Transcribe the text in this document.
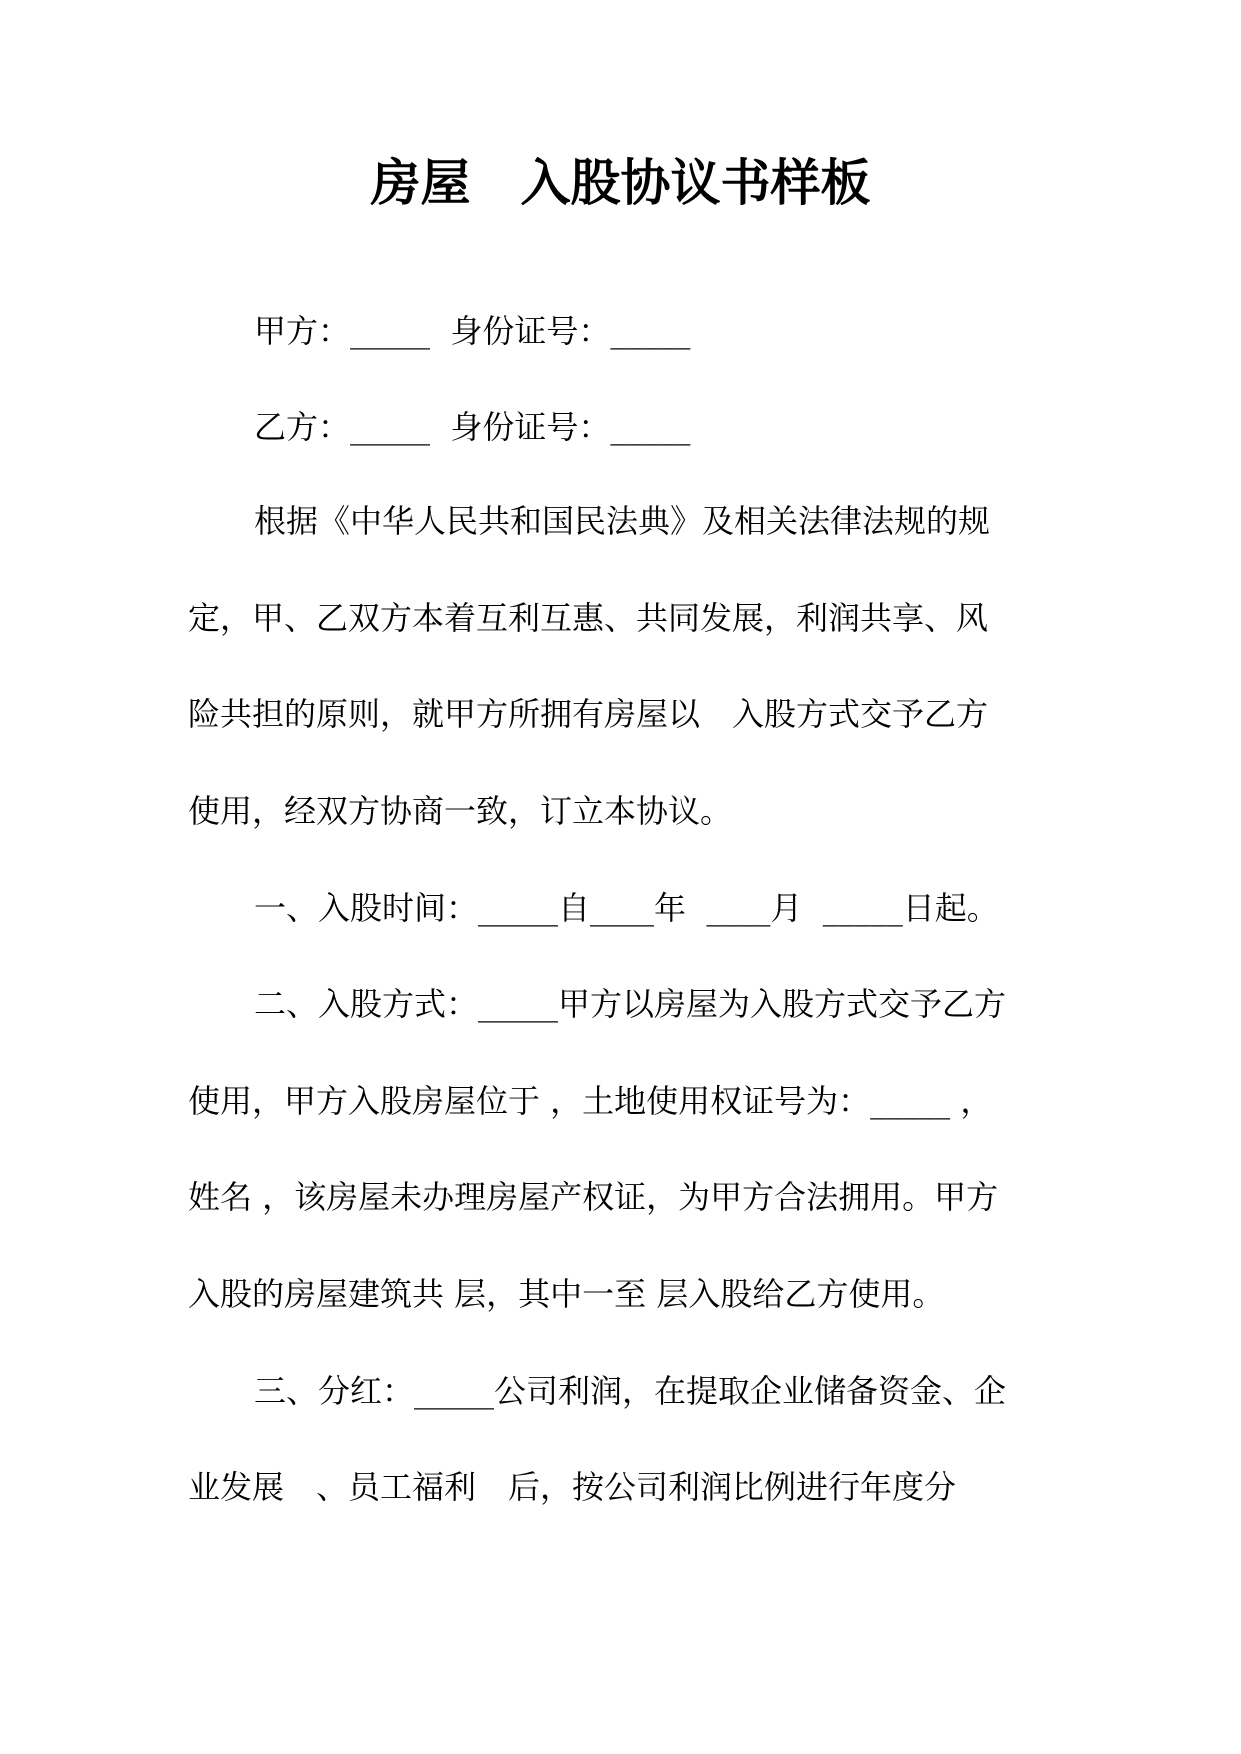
房屋　入股协议书样板
甲方：_____  身份证号：_____
乙方：_____  身份证号：_____
根据《中华人民共和国民法典》及相关法律法规的规
定，甲、乙双方本着互利互惠、共同发展，利润共享、风
险共担的原则，就甲方所拥有房屋以　入股方式交予乙方
使用，经双方协商一致，订立本协议。
一、入股时间：_____自____年  ____月  _____日起。
二、入股方式：_____甲方以房屋为入股方式交予乙方
使用，甲方入股房屋位于 ，土地使用权证号为：_____ ，
姓名 ，该房屋未办理房屋产权证，为甲方合法拥用。甲方
入股的房屋建筑共 层，其中一至 层入股给乙方使用。
三、分红：_____公司利润，在提取企业储备资金、企
业发展　、员工福利　后，按公司利润比例进行年度分
